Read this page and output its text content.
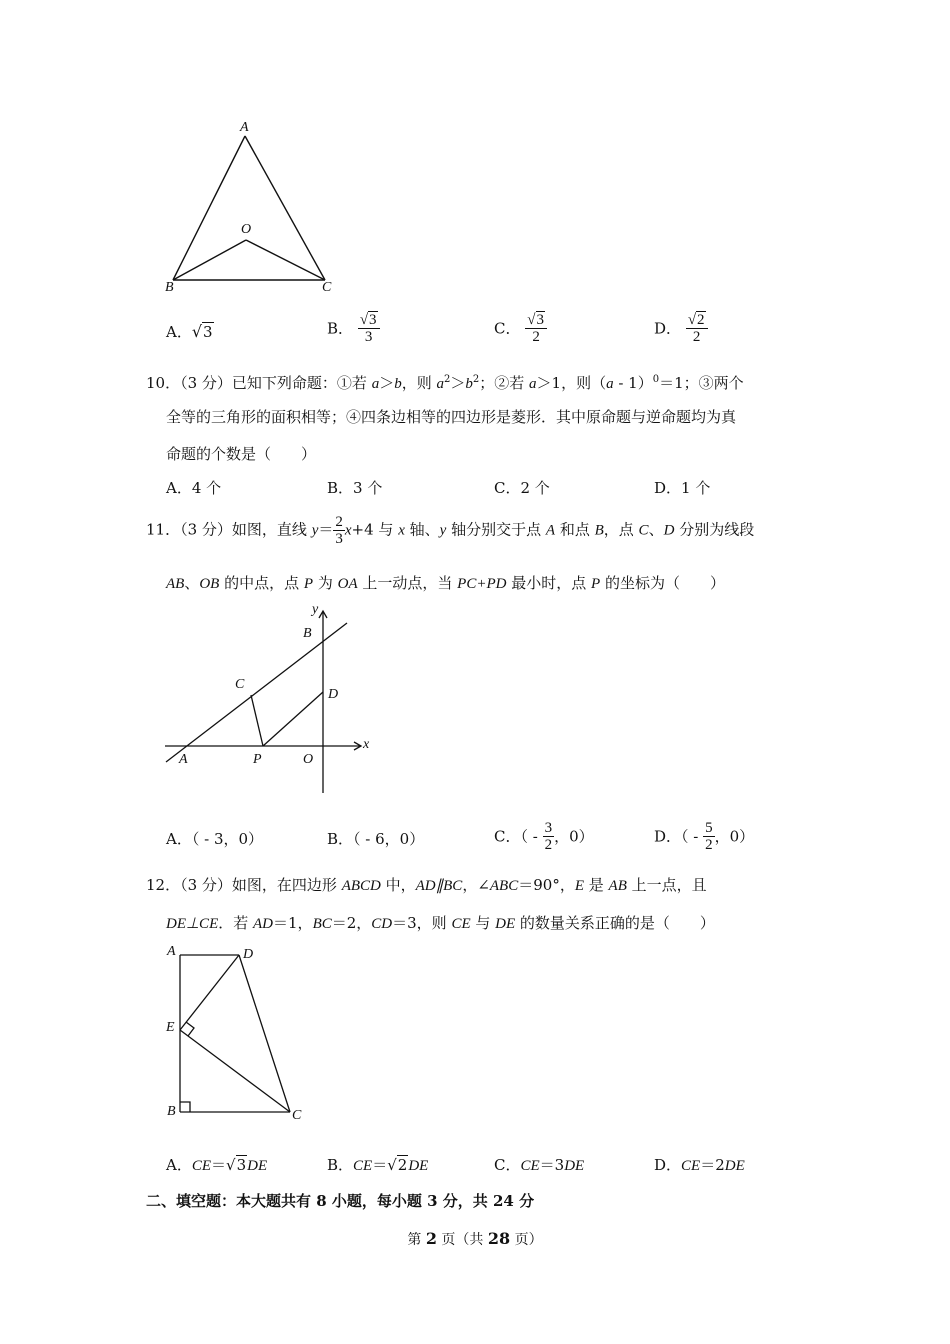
A
O
B	C
A．√3	B． $\frac{√3}{3}$	C． $\frac{√3}{2}$	D． $\frac{√2}{2}$
10．（3 分）已知下列命题：①若 a＞b，则 $a^2>b^2$；②若 a＞1，则（a - 1）$^0$＝1；③两个
全等的三角形的面积相等；④四条边相等的四边形是菱形．其中原命题与逆命题均为真
命题的个数是（　　）
A．4 个	B．3 个	C．2 个	D．1 个
11．（3 分）如图，直线 $y= \frac{2}{3} x+4$ 与 x 轴、y 轴分别交于点 A 和点 B，点 C、D 分别为线段
AB、OB 的中点，点 P 为 OA 上一动点，当 PC+PD 最小时，点 P 的坐标为（　　）
y
B
C
D
A	P	O
x
A．（ - 3，0）	B．（ - 6，0）	C．（ - $\frac{3}{2}$ ，0）	D．（ - $\frac{5}{2}$ ，0）
12．（3 分）如图，在四边形 ABCD 中，AD∥BC，∠ABC＝90°，E 是 AB 上一点，且
DE⊥CE．若 AD＝1，BC＝2，CD＝3，则 CE 与 DE 的数量关系正确的是（　　）
A	D
E
B	C
A．CE＝√3DE	B．CE＝√2DE	C．CE＝3DE	D．CE＝2DE
二、填空题：本大题共有 8 小题，每小题 3 分，共 24 分
第 2 页（共 28 页）
